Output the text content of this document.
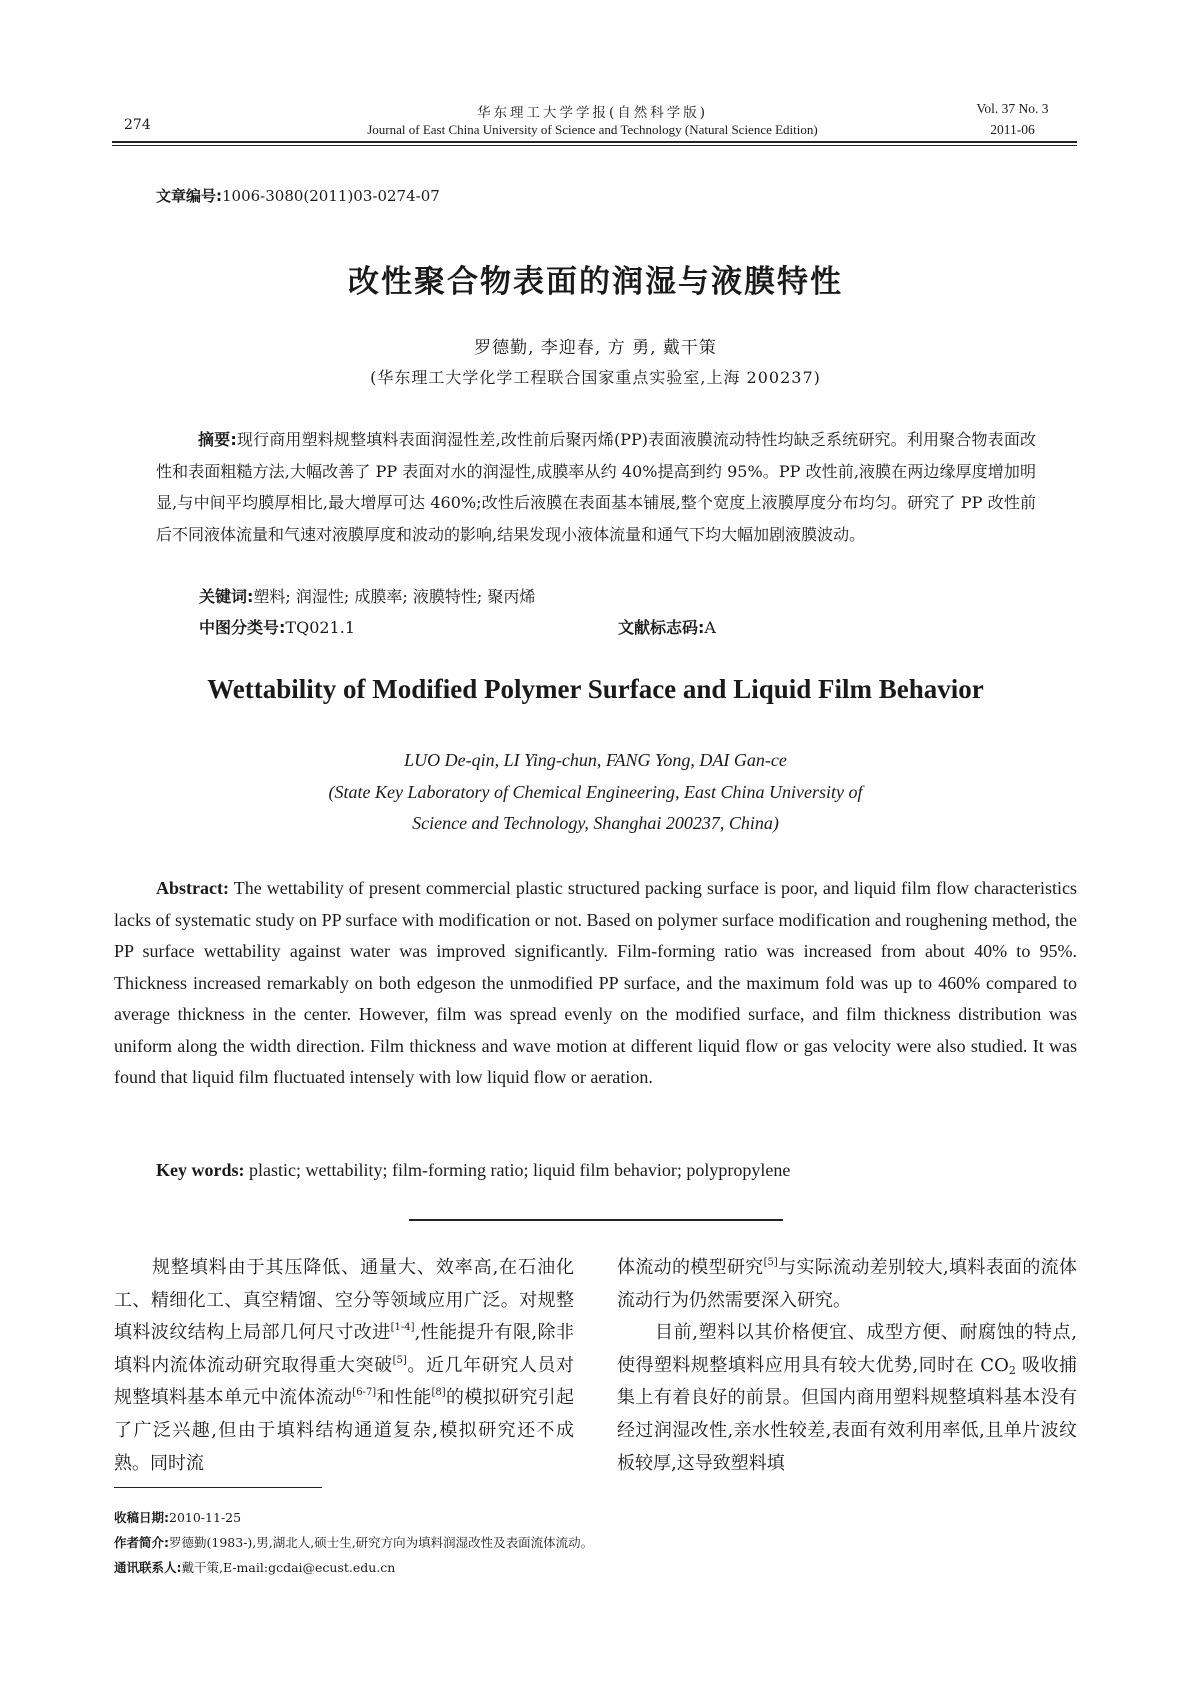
274
华东理工大学学报(自然科学版)
Journal of East China University of Science and Technology (Natural Science Edition)
Vol. 37 No. 3
2011-06
文章编号:1006-3080(2011)03-0274-07
改性聚合物表面的润湿与液膜特性
罗德勤, 李迎春, 方 勇, 戴干策
(华东理工大学化学工程联合国家重点实验室,上海 200237)

摘要:现行商用塑料规整填料表面润湿性差,改性前后聚丙烯(PP)表面液膜流动特性均缺乏系统研究。利用聚合物表面改性和表面粗糙方法,大幅改善了 PP 表面对水的润湿性,成膜率从约 40%提高到约 95%。PP 改性前,液膜在两边缘厚度增加明显,与中间平均膜厚相比,最大增厚可达 460%;改性后液膜在表面基本铺展,整个宽度上液膜厚度分布均匀。研究了 PP 改性前后不同液体流量和气速对液膜厚度和波动的影响,结果发现小液体流量和通气下均大幅加剧液膜波动。

关键词:塑料; 润湿性; 成膜率; 液膜特性; 聚丙烯
中图分类号:TQ021.1	文献标志码:A
Wettability of Modified Polymer Surface and Liquid Film Behavior
LUO De-qin, LI Ying-chun, FANG Yong, DAI Gan-ce
(State Key Laboratory of Chemical Engineering, East China University of
Science and Technology, Shanghai 200237, China)

Abstract: The wettability of present commercial plastic structured packing surface is poor, and liquid film flow characteristics lacks of systematic study on PP surface with modification or not. Based on polymer surface modification and roughening method, the PP surface wettability against water was improved significantly. Film-forming ratio was increased from about 40% to 95%. Thickness increased remarkably on both edgeson the unmodified PP surface, and the maximum fold was up to 460% compared to average thickness in the center. However, film was spread evenly on the modified surface, and film thickness distribution was uniform along the width direction. Film thickness and wave motion at different liquid flow or gas velocity were also studied. It was found that liquid film fluctuated intensely with low liquid flow or aeration.

Key words: plastic; wettability; film-forming ratio; liquid film behavior; polypropylene

规整填料由于其压降低、通量大、效率高,在石油化工、精细化工、真空精馏、空分等领域应用广泛。对规整填料波纹结构上局部几何尺寸改进[1-4],性能提升有限,除非填料内流体流动研究取得重大突破[5]。近几年研究人员对规整填料基本单元中流体流动[6-7]和性能[8]的模拟研究引起了广泛兴趣,但由于填料结构通道复杂,模拟研究还不成熟。同时流

体流动的模型研究[5]与实际流动差别较大,填料表面的流体流动行为仍然需要深入研究。

目前,塑料以其价格便宜、成型方便、耐腐蚀的特点,使得塑料规整填料应用具有较大优势,同时在 $CO_2$ 吸收捕集上有着良好的前景。但国内商用塑料规整填料基本没有经过润湿改性,亲水性较差,表面有效利用率低,且单片波纹板较厚,这导致塑料填

收稿日期:2010-11-25
作者简介:罗德勤(1983-),男,湖北人,硕士生,研究方向为填料润湿改性及表面流体流动。
通讯联系人:戴干策,E-mail:gcdai@ecust.edu.cn
